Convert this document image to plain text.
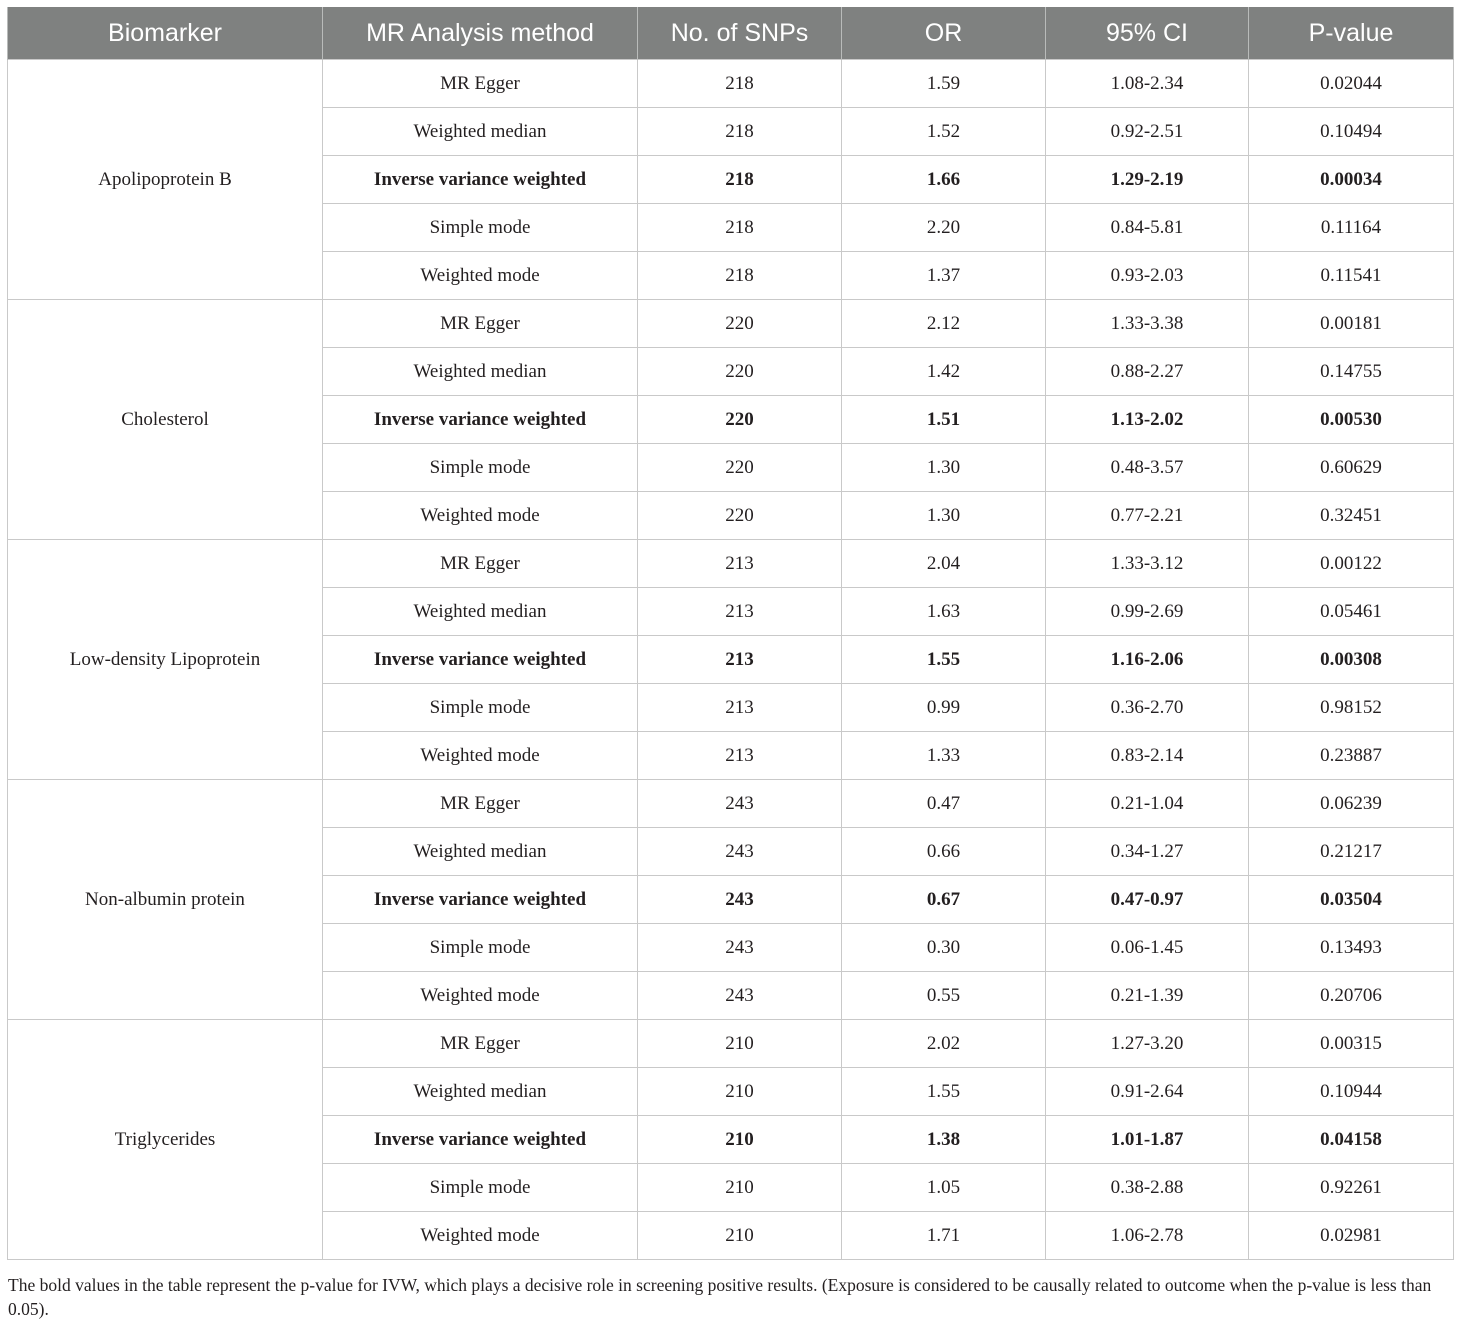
Biomarker	MR Analysis method	No. of SNPs	OR	95% CI	P-value
Apolipoprotein B	MR Egger	218	1.59	1.08-2.34	0.02044
	Weighted median	218	1.52	0.92-2.51	0.10494
	Inverse variance weighted	218	1.66	1.29-2.19	0.00034
	Simple mode	218	2.20	0.84-5.81	0.11164
	Weighted mode	218	1.37	0.93-2.03	0.11541
Cholesterol	MR Egger	220	2.12	1.33-3.38	0.00181
	Weighted median	220	1.42	0.88-2.27	0.14755
	Inverse variance weighted	220	1.51	1.13-2.02	0.00530
	Simple mode	220	1.30	0.48-3.57	0.60629
	Weighted mode	220	1.30	0.77-2.21	0.32451
Low-density Lipoprotein	MR Egger	213	2.04	1.33-3.12	0.00122
	Weighted median	213	1.63	0.99-2.69	0.05461
	Inverse variance weighted	213	1.55	1.16-2.06	0.00308
	Simple mode	213	0.99	0.36-2.70	0.98152
	Weighted mode	213	1.33	0.83-2.14	0.23887
Non-albumin protein	MR Egger	243	0.47	0.21-1.04	0.06239
	Weighted median	243	0.66	0.34-1.27	0.21217
	Inverse variance weighted	243	0.67	0.47-0.97	0.03504
	Simple mode	243	0.30	0.06-1.45	0.13493
	Weighted mode	243	0.55	0.21-1.39	0.20706
Triglycerides	MR Egger	210	2.02	1.27-3.20	0.00315
	Weighted median	210	1.55	0.91-2.64	0.10944
	Inverse variance weighted	210	1.38	1.01-1.87	0.04158
	Simple mode	210	1.05	0.38-2.88	0.92261
	Weighted mode	210	1.71	1.06-2.78	0.02981
The bold values in the table represent the p-value for IVW, which plays a decisive role in screening positive results. (Exposure is considered to be causally related to outcome when the p-value is less than 0.05).
